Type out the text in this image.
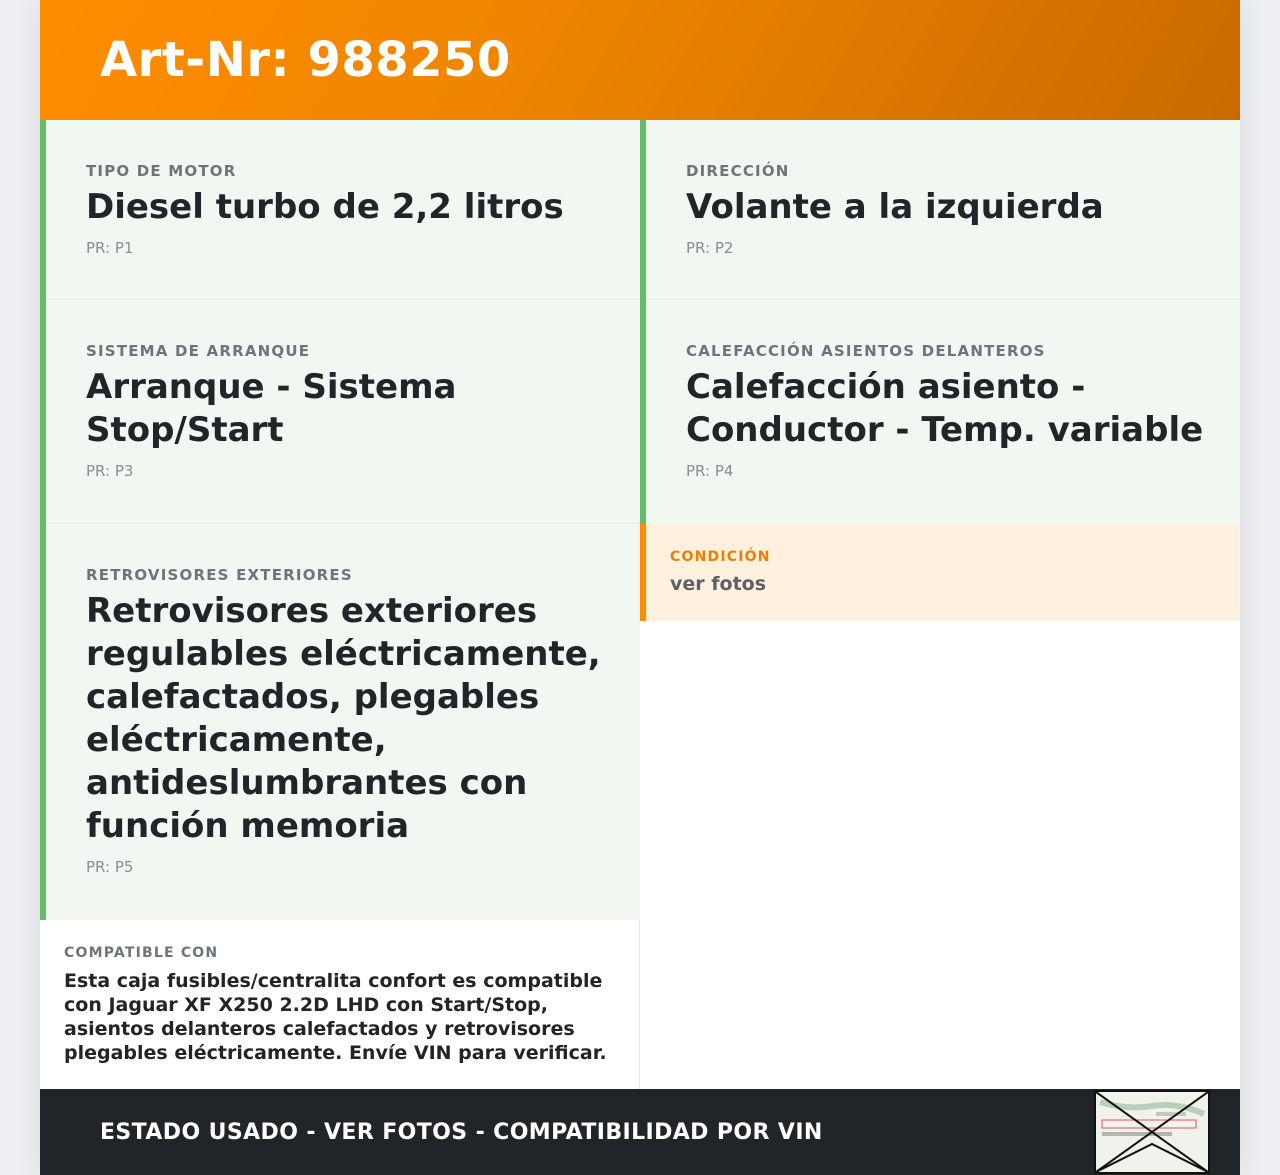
Art-Nr: 988250
TIPO DE MOTOR
Diesel turbo de 2,2 litros
PR: P1
DIRECCIÓN
Volante a la izquierda
PR: P2
SISTEMA DE ARRANQUE
Arranque - Sistema Stop/Start
PR: P3
CALEFACCIÓN ASIENTOS DELANTEROS
Calefacción asiento - Conductor - Temp. variable
PR: P4
RETROVISORES EXTERIORES
Retrovisores exteriores regulables eléctricamente, calefactados, plegables eléctricamente, antideslumbrantes con función memoria
PR: P5
CONDICIÓN
ver fotos
COMPATIBLE CON
Esta caja fusibles/centralita confort es compatible con Jaguar XF X250 2.2D LHD con Start/Stop, asientos delanteros calefactados y retrovisores plegables eléctricamente. Envíe VIN para verificar.
ESTADO USADO - VER FOTOS - COMPATIBILIDAD POR VIN
